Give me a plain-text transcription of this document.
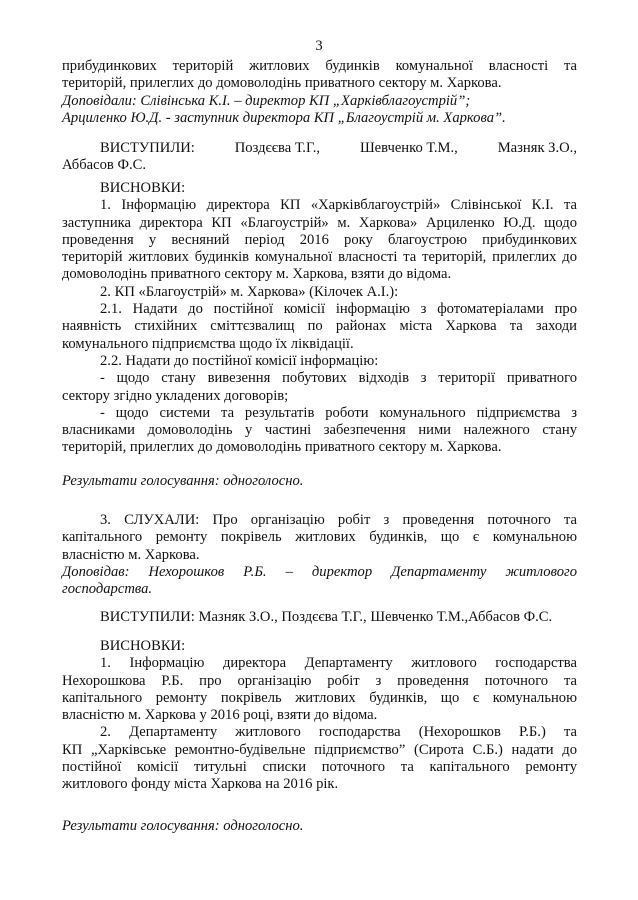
3

прибудинкових територій житлових будинків комунальної власності та

територій, прилеглих до домоволодінь приватного сектору м. Харкова.

Доповідали: Слівінська К.І. – директор КП „Харківблагоустрій”;

Арциленко Ю.Д. - заступник директора КП „Благоустрій м. Харкова”.

ВИСТУПИЛИ:	Поздєєва Т.Г.,	Шевченко Т.М.,	Мазняк З.О.,

Аббасов Ф.С.

ВИСНОВКИ:

1. Інформацію директора КП «Харківблагоустрій» Слівінської К.І. та

заступника директора КП «Благоустрій» м. Харкова» Арциленко Ю.Д. щодо

проведення у весняний період 2016 року благоустрою прибудинкових

територій житлових будинків комунальної власності та територій, прилеглих до

домоволодінь приватного сектору м. Харкова, взяти до відома.

2. КП «Благоустрій» м. Харкова» (Кілочек А.І.):

2.1. Надати до постійної комісії інформацію з фотоматеріалами про

наявність стихійних сміттєзвалищ по районах міста Харкова та заходи

комунального підприємства щодо їх ліквідації.

2.2. Надати до постійної комісії інформацію:

- щодо стану вивезення побутових відходів з території приватного

сектору згідно укладених договорів;

- щодо системи та результатів роботи комунального підприємства з

власниками домоволодінь у частині забезпечення ними належного стану

територій, прилеглих до домоволодінь приватного сектору м. Харкова.

Результати голосування: одноголосно.

3. СЛУХАЛИ: Про організацію робіт з проведення поточного та

капітального ремонту покрівель житлових будинків, що є комунальною

власністю м. Харкова.

Доповідав: Нехорошков Р.Б. – директор Департаменту житлового

господарства.

ВИСТУПИЛИ: Мазняк З.О., Поздєєва Т.Г., Шевченко Т.М.,Аббасов Ф.С.

ВИСНОВКИ:

1. Інформацію директора Департаменту житлового господарства

Нехорошкова Р.Б. про організацію робіт з проведення поточного та

капітального ремонту покрівель житлових будинків, що є комунальною

власністю м. Харкова у 2016 році, взяти до відома.

2. Департаменту житлового господарства (Нехорошков Р.Б.) та

КП „Харківське ремонтно-будівельне підприємство” (Сирота С.Б.) надати до

постійної комісії титульні списки поточного та капітального ремонту

житлового фонду міста Харкова на 2016 рік.

Результати голосування: одноголосно.
